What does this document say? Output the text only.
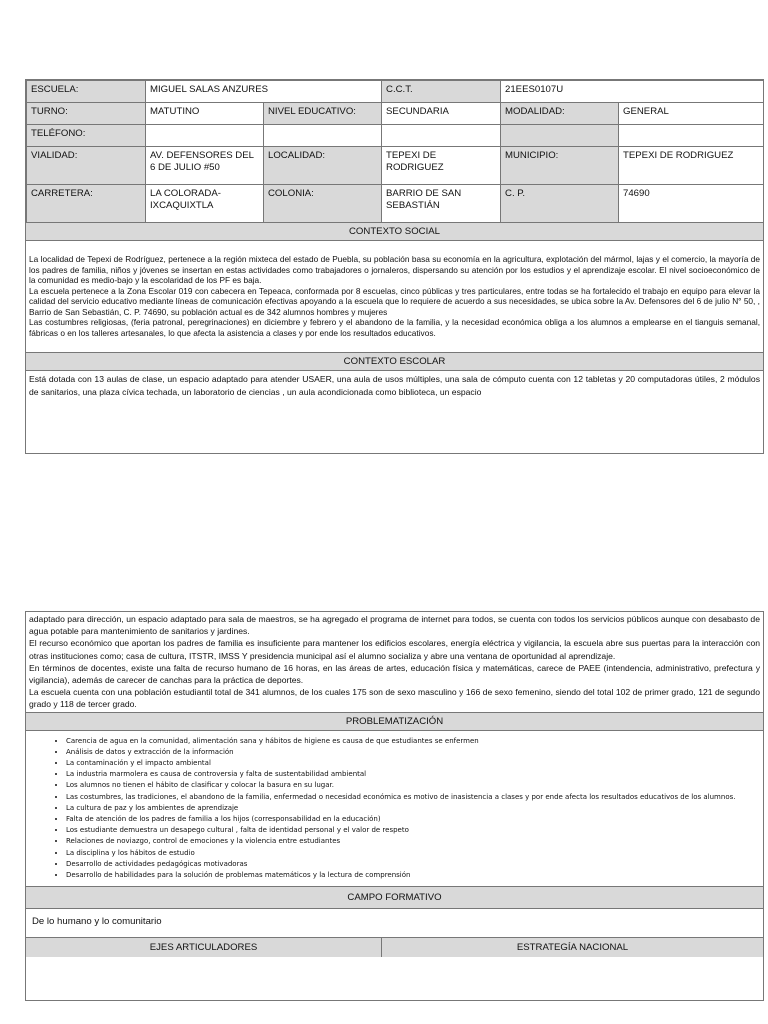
ESCUELA:	MIGUEL SALAS ANZURES		C.C.T.	21EES0107U	
TURNO:	MATUTINO	NIVEL EDUCATIVO:	SECUNDARIA	MODALIDAD:	GENERAL
TELÉFONO:					
VIALIDAD:	AV. DEFENSORES DEL 6 DE JULIO #50	LOCALIDAD:	TEPEXI DE RODRIGUEZ	MUNICIPIO:	TEPEXI DE RODRIGUEZ
CARRETERA:	LA COLORADA-IXCAQUIXTLA	COLONIA:	BARRIO DE SAN SEBASTIÁN	C. P.	74690
CONTEXTO SOCIAL

La localidad de Tepexi de Rodríguez, pertenece a la región mixteca del estado de Puebla, su población basa su economía en la agricultura, explotación del mármol, lajas y el comercio, la mayoría de los padres de familia, niños y jóvenes se insertan en estas actividades como trabajadores o jornaleros, dispersando su atención por los estudios y el aprendizaje escolar. El nivel socioeconómico de la comunidad es medio-bajo y la escolaridad de los PF es baja.

La escuela pertenece a la Zona Escolar 019 con cabecera en Tepeaca, conformada por 8 escuelas, cinco públicas y tres particulares, entre todas se ha fortalecido el trabajo en equipo para elevar la calidad del servicio educativo mediante líneas de comunicación efectivas apoyando a la escuela que lo requiere de acuerdo a sus necesidades, se ubica sobre la Av. Defensores del 6 de julio N° 50, , Barrio de San Sebastián, C. P. 74690, su población actual es de 342 alumnos hombres y mujeres

Las costumbres religiosas, (feria patronal, peregrinaciones) en diciembre y febrero y el abandono de la familia, y la necesidad económica obliga a los alumnos a emplearse en el tianguis semanal, fábricas o en los talleres artesanales, lo que afecta la asistencia a clases y por ende los resultados educativos.

CONTEXTO ESCOLAR

Está dotada con 13 aulas de clase, un espacio adaptado para atender USAER, una aula de usos múltiples, una sala de cómputo cuenta con 12 tabletas y 20 computadoras útiles, 2 módulos de sanitarios, una plaza cívica techada, un laboratorio de ciencias , un aula acondicionada como biblioteca, un espacio

adaptado para dirección, un espacio adaptado para sala de maestros, se ha agregado el programa de internet para todos, se cuenta con todos los servicios públicos aunque con desabasto de agua potable para mantenimiento de sanitarios y jardines.

El recurso económico que aportan los padres de familia es insuficiente para mantener los edificios escolares, energía eléctrica y vigilancia, la escuela abre sus puertas para la interacción con otras instituciones como; casa de cultura, ITSTR, IMSS Y presidencia municipal así el alumno socializa y abre una ventana de oportunidad al aprendizaje.

En términos de docentes, existe una falta de recurso humano de 16 horas, en las áreas de artes, educación física y matemáticas, carece de PAEE (intendencia, administrativo, prefectura y vigilancia), además de carecer de canchas para la práctica de deportes.

La escuela cuenta con una población estudiantil total de 341 alumnos, de los cuales 175 son de sexo masculino y 166 de sexo femenino, siendo del total 102 de primer grado, 121 de segundo grado y 118 de tercer grado.

PROBLEMATIZACIÓN
• Carencia de agua en la comunidad, alimentación sana y hábitos de higiene es causa de que estudiantes se enfermen
• Análisis de datos y extracción de la información
• La contaminación y el impacto ambiental
• La industria marmolera es causa de controversia y falta de sustentabilidad ambiental
• Los alumnos no tienen el hábito de clasificar y colocar la basura en su lugar.
• Las costumbres, las tradiciones, el abandono de la familia, enfermedad o necesidad económica es motivo de inasistencia a clases y por ende afecta los resultados educativos de los alumnos.
• La cultura de paz y los ambientes de aprendizaje
• Falta de atención de los padres de familia a los hijos (corresponsabilidad en la educación)
• Los estudiante demuestra un desapego cultural , falta de identidad personal y el valor de respeto
• Relaciones de noviazgo, control de emociones y la violencia entre estudiantes
• La disciplina y los hábitos de estudio
• Desarrollo de actividades pedagógicas motivadoras
• Desarrollo de habilidades para la solución de problemas matemáticos y la lectura de comprensión
CAMPO FORMATIVO
De lo humano y lo comunitario
EJES ARTICULADORES	ESTRATEGÍA NACIONAL
